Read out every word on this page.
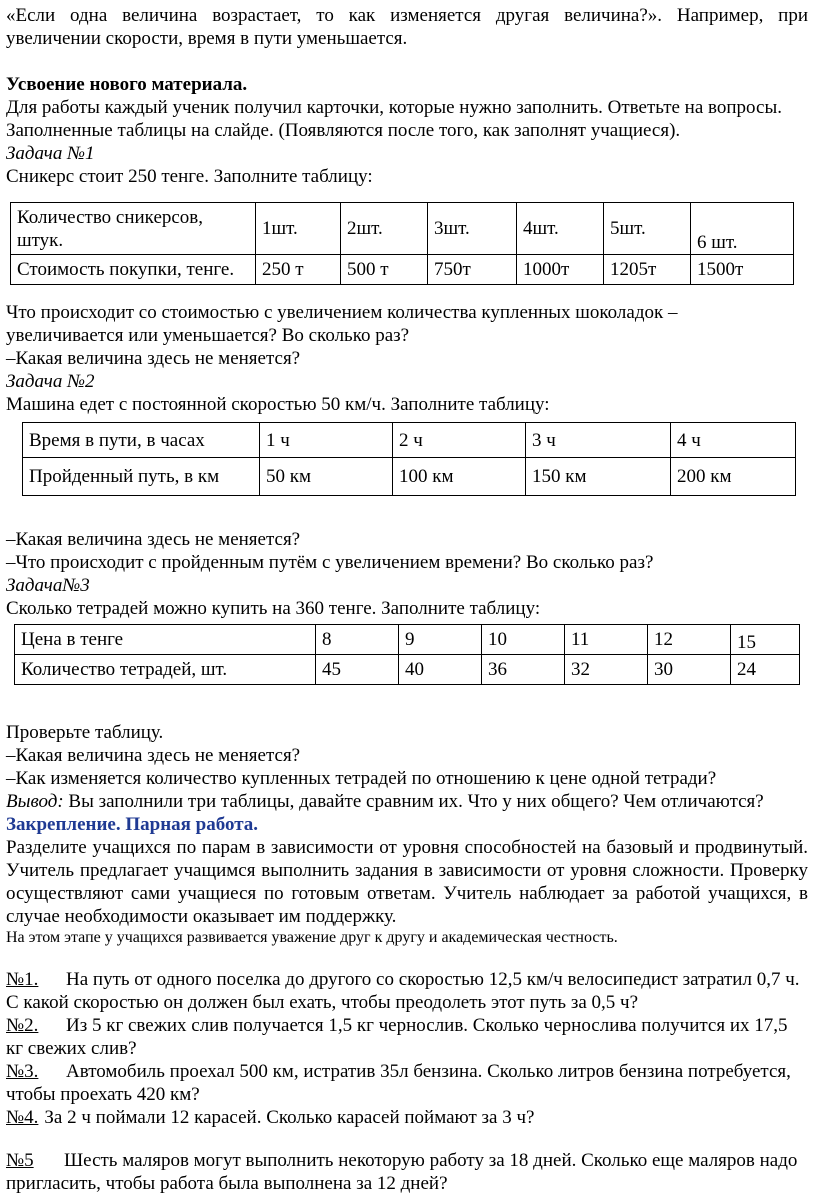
«Если одна величина возрастает, то как изменяется другая величина?». Например, при

увеличении скорости, время в пути уменьшается.

Усвоение нового материала.

Для работы каждый ученик получил карточки, которые нужно заполнить. Ответьте на вопросы. Заполненные таблицы на слайде. (Появляются после того, как заполнят учащиеся).

Задача №1

Сникерс стоит 250 тенге. Заполните таблицу:

Количество сникерсов, штук.	1шт.	2шт.	3шт.	4шт.	5шт.	6 шт.
Стоимость покупки, тенге.	250 т	500 т	750т	1000т	1205т	1500т

Что происходит со стоимостью с увеличением количества купленных шоколадок – увеличивается или уменьшается? Во сколько раз?

–Какая величина здесь не меняется?

Задача №2

Машина едет с постоянной скоростью 50 км/ч. Заполните таблицу:

Время в пути, в часах	1 ч	2 ч	3 ч	4 ч
Пройденный путь, в км	50 км	100 км	150 км	200 км

–Какая величина здесь не меняется?

–Что происходит с пройденным путём с увеличением времени? Во сколько раз?

Задача№3

Сколько тетрадей можно купить на 360 тенге. Заполните таблицу:

Цена в тенге	8	9	10	11	12	15
Количество тетрадей, шт.	45	40	36	32	30	24

Проверьте таблицу.

–Какая величина здесь не меняется?

–Как изменяется количество купленных тетрадей по отношению к цене одной тетради?

Вывод: Вы заполнили три таблицы, давайте сравним их. Что у них общего? Чем отличаются?

Закрепление. Парная работа.

Разделите учащихся по парам в зависимости от уровня способностей на базовый и продвинутый. Учитель предлагает учащимся выполнить задания в зависимости от уровня сложности. Проверку осуществляют сами учащиеся по готовым ответам. Учитель наблюдает за работой учащихся, в случае необходимости оказывает им поддержку.

На этом этапе у учащихся развивается уважение друг к другу и академическая честность.

№1. На путь от одного поселка до другого со скоростью 12,5 км/ч велосипедист затратил 0,7 ч. С какой скоростью он должен был ехать, чтобы преодолеть этот путь за 0,5 ч?

№2. Из 5 кг свежих слив получается 1,5 кг чернослив. Сколько чернослива получится их 17,5 кг свежих слив?

№3. Автомобиль проехал 500 км, истратив 35л бензина. Сколько литров бензина потребуется, чтобы проехать 420 км?

№4. За 2 ч поймали 12 карасей. Сколько карасей поймают за 3 ч?

№5 Шесть маляров могут выполнить некоторую работу за 18 дней. Сколько еще маляров надо пригласить, чтобы работа была выполнена за 12 дней?
